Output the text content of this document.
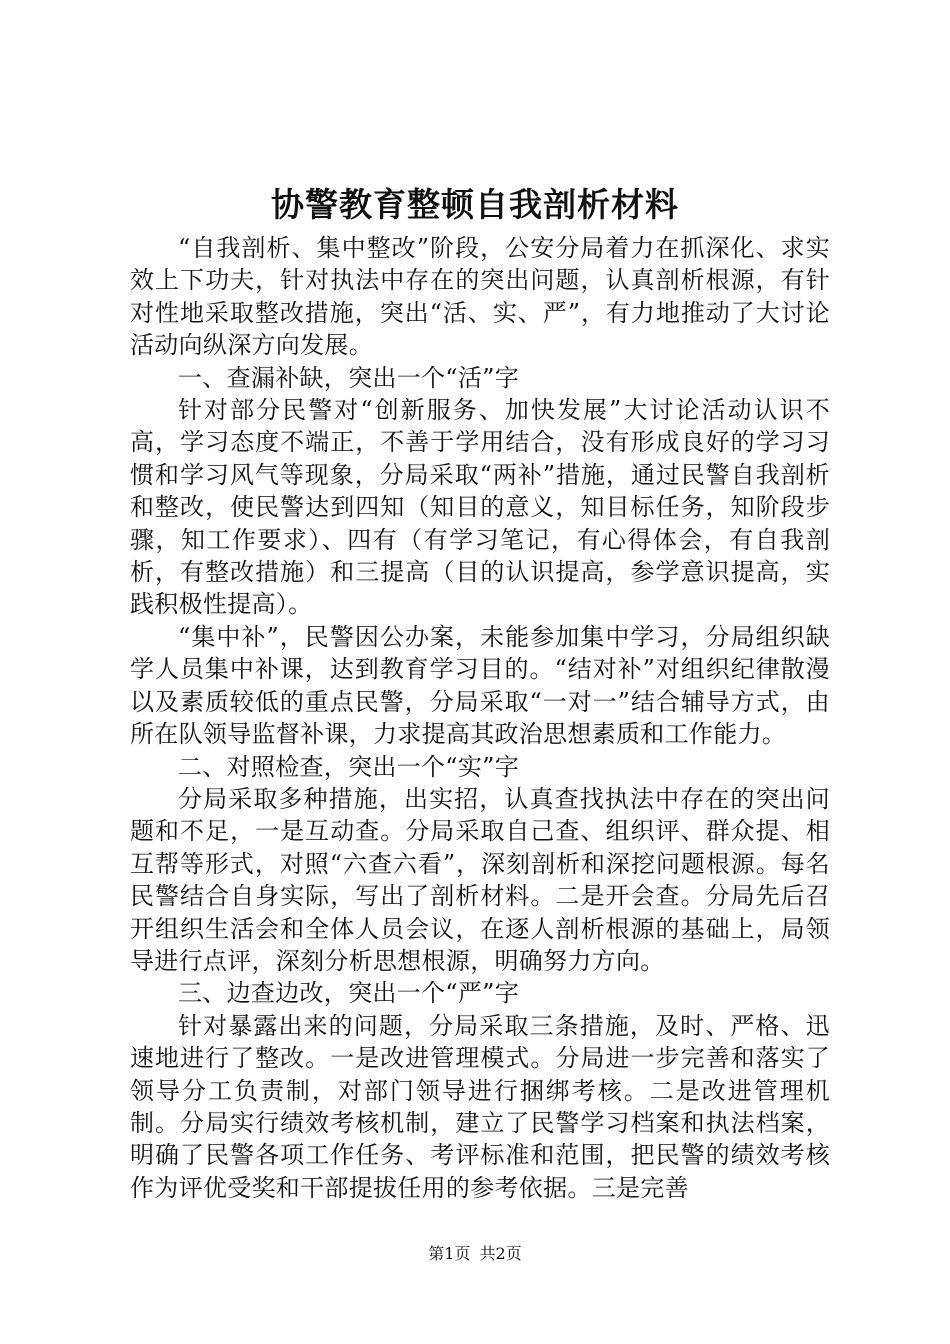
协警教育整顿自我剖析材料

“自我剖析、集中整改”阶段，公安分局着力在抓深化、求实效上下功夫，针对执法中存在的突出问题，认真剖析根源，有针对性地采取整改措施，突出“活、实、严”，有力地推动了大讨论活动向纵深方向发展。

一、查漏补缺，突出一个“活”字

针对部分民警对“创新服务、加快发展”大讨论活动认识不高，学习态度不端正，不善于学用结合，没有形成良好的学习习惯和学习风气等现象，分局采取“两补”措施，通过民警自我剖析和整改，使民警达到四知（知目的意义，知目标任务，知阶段步骤，知工作要求）、四有（有学习笔记，有心得体会，有自我剖析，有整改措施）和三提高（目的认识提高，参学意识提高，实践积极性提高）。

“集中补”，民警因公办案，未能参加集中学习，分局组织缺学人员集中补课，达到教育学习目的。“结对补”对组织纪律散漫以及素质较低的重点民警，分局采取“一对一”结合辅导方式，由所在队领导监督补课，力求提高其政治思想素质和工作能力。

二、对照检查，突出一个“实”字

分局采取多种措施，出实招，认真查找执法中存在的突出问题和不足，一是互动查。分局采取自己查、组织评、群众提、相互帮等形式，对照“六查六看”，深刻剖析和深挖问题根源。每名民警结合自身实际，写出了剖析材料。二是开会查。分局先后召开组织生活会和全体人员会议，在逐人剖析根源的基础上，局领导进行点评，深刻分析思想根源，明确努力方向。

三、边查边改，突出一个“严”字

针对暴露出来的问题，分局采取三条措施，及时、严格、迅速地进行了整改。一是改进管理模式。分局进一步完善和落实了领导分工负责制，对部门领导进行捆绑考核。二是改进管理机制。分局实行绩效考核机制，建立了民警学习档案和执法档案，明确了民警各项工作任务、考评标准和范围，把民警的绩效考核作为评优受奖和干部提拔任用的参考依据。三是完善

第1页 共2页
